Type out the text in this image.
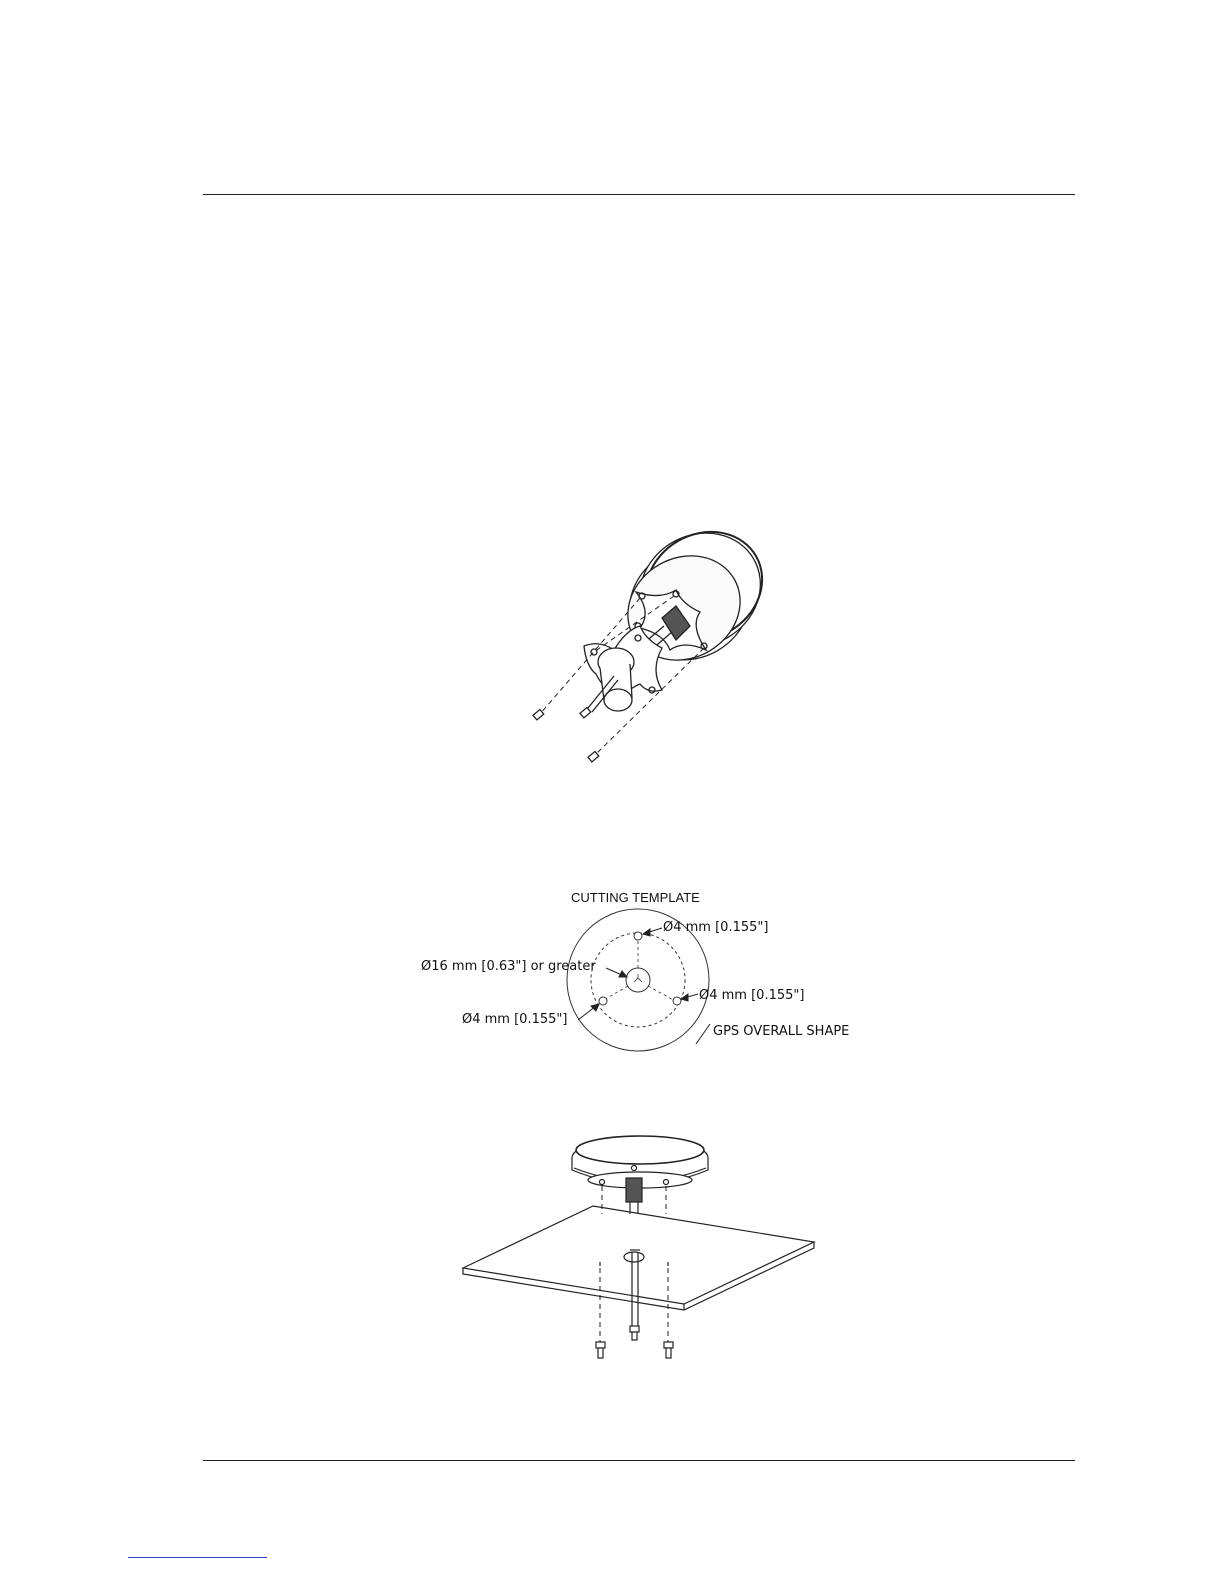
CUTTING TEMPLATE
Ø4 mm [0.155"]
Ø16 mm [0.63"] or greater
Ø4 mm [0.155"]
Ø4 mm [0.155"]
GPS OVERALL SHAPE
